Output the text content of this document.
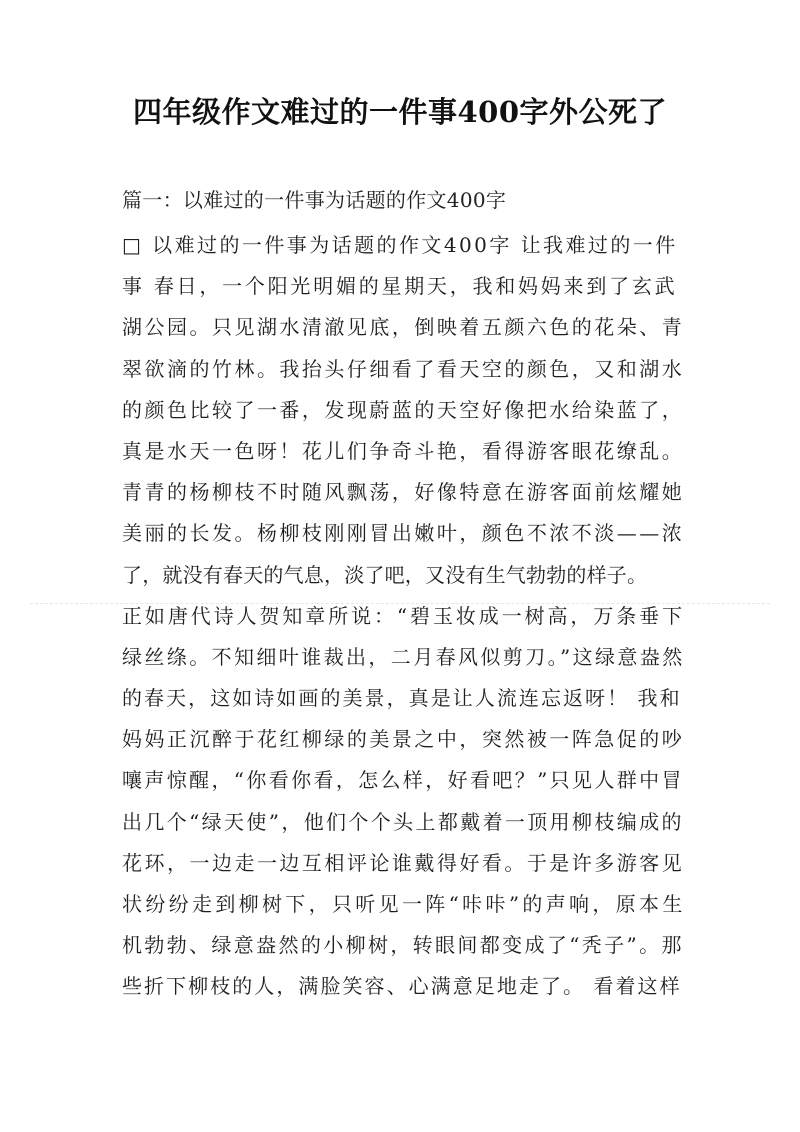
四年级作文难过的一件事400字外公死了
篇一：以难过的一件事为话题的作文400字
□ 以难过的一件事为话题的作文400字 让我难过的一件
事 春日，一个阳光明媚的星期天，我和妈妈来到了玄武
湖公园。只见湖水清澈见底，倒映着五颜六色的花朵、青
翠欲滴的竹林。我抬头仔细看了看天空的颜色，又和湖水
的颜色比较了一番，发现蔚蓝的天空好像把水给染蓝了，
真是水天一色呀！花儿们争奇斗艳，看得游客眼花缭乱。
青青的杨柳枝不时随风飘荡，好像特意在游客面前炫耀她
美丽的长发。杨柳枝刚刚冒出嫩叶，颜色不浓不淡——浓
了，就没有春天的气息，淡了吧，又没有生气勃勃的样子。
正如唐代诗人贺知章所说：“碧玉妆成一树高，万条垂下
绿丝绦。不知细叶谁裁出，二月春风似剪刀。”这绿意盎然
的春天，这如诗如画的美景，真是让人流连忘返呀！ 我和
妈妈正沉醉于花红柳绿的美景之中，突然被一阵急促的吵
嚷声惊醒，“你看你看，怎么样，好看吧？”只见人群中冒
出几个“绿天使”，他们个个头上都戴着一顶用柳枝编成的
花环，一边走一边互相评论谁戴得好看。于是许多游客见
状纷纷走到柳树下，只听见一阵“咔咔”的声响，原本生
机勃勃、绿意盎然的小柳树，转眼间都变成了“秃子”。那
些折下柳枝的人，满脸笑容、心满意足地走了。 看着这样
